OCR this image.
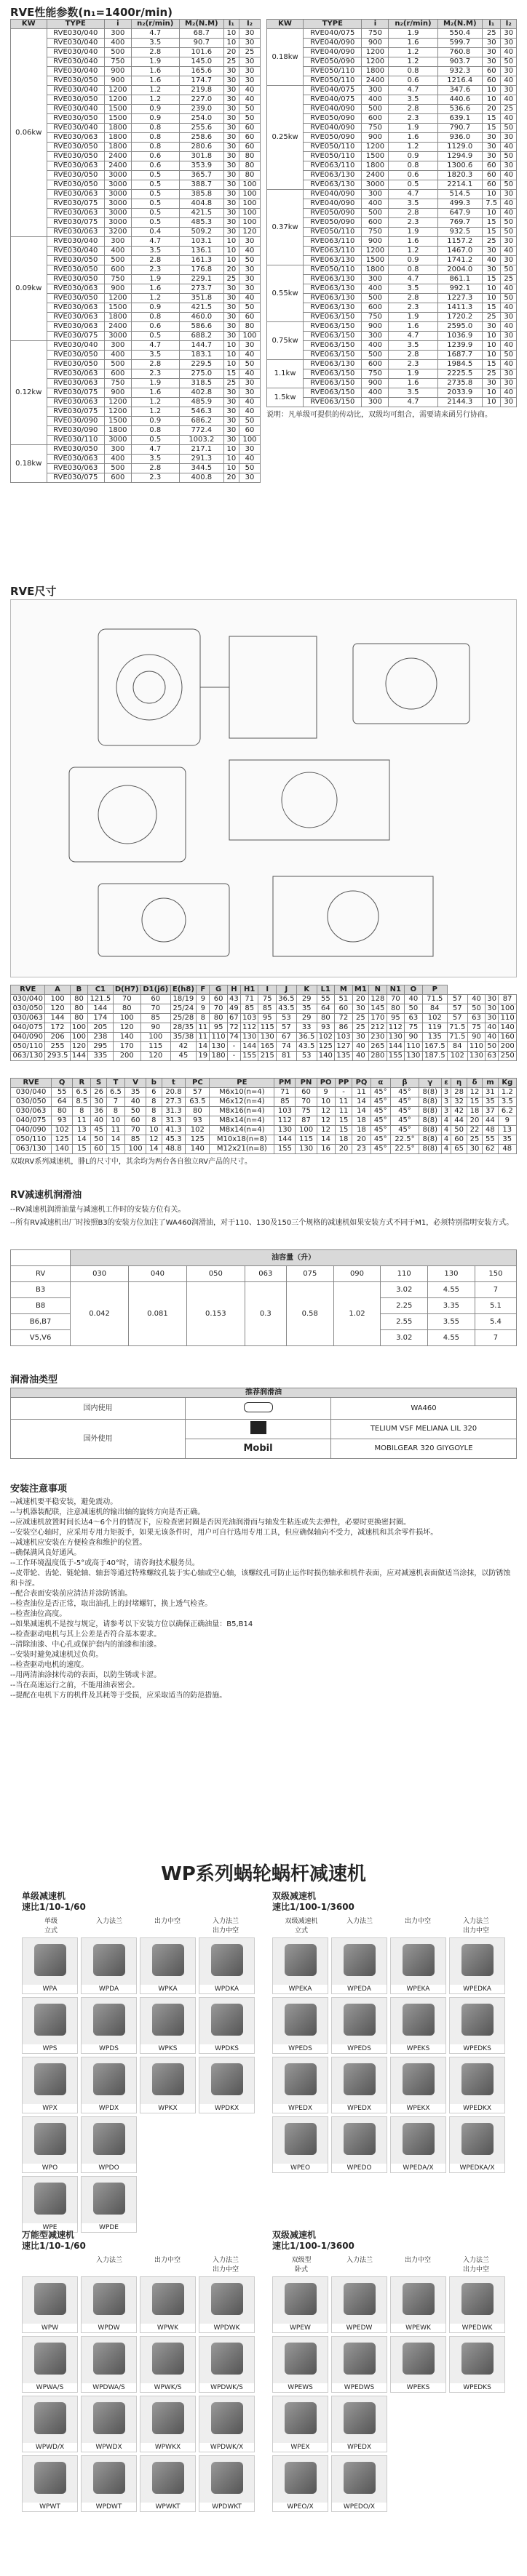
RVE性能参数(n₁=1400r/min)
KW	TYPE	i	n₂(r/min)	M₂(N.M)	I₁	I₂
0.06kw	RVE030/040	300	4.7	68.7	10	30
	RVE030/040	400	3.5	90.7	10	30
	RVE030/040	500	2.8	101.6	20	25
	RVE030/040	750	1.9	145.0	25	30
	RVE030/040	900	1.6	165.6	30	30
	RVE030/050	900	1.6	174.7	30	30
	RVE030/040	1200	1.2	219.8	30	40
	RVE030/050	1200	1.2	227.0	30	40
	RVE030/040	1500	0.9	239.0	30	50
	RVE030/050	1500	0.9	254.0	30	50
	RVE030/040	1800	0.8	255.6	30	60
	RVE030/063	1800	0.8	258.6	30	60
	RVE030/050	1800	0.8	280.6	30	60
	RVE030/050	2400	0.6	301.8	30	80
	RVE030/063	2400	0.6	353.9	30	80
	RVE030/050	3000	0.5	365.7	30	80
	RVE030/050	3000	0.5	388.7	30	100
	RVE030/063	3000	0.5	385.8	30	100
	RVE030/075	3000	0.5	404.8	30	100
	RVE030/063	3000	0.5	421.5	30	100
	RVE030/075	3000	0.5	485.3	30	100
	RVE030/063	3200	0.4	509.2	30	120
0.09kw	RVE030/040	300	4.7	103.1	10	30
	RVE030/040	400	3.5	136.1	10	40
	RVE030/050	500	2.8	161.3	10	50
	RVE030/050	600	2.3	176.8	20	30
	RVE030/050	750	1.9	229.1	25	30
	RVE030/063	900	1.6	273.7	30	30
	RVE030/050	1200	1.2	351.8	30	40
	RVE030/063	1500	0.9	421.5	30	50
	RVE030/063	1800	0.8	460.0	30	60
	RVE030/063	2400	0.6	586.6	30	80
	RVE030/075	3000	0.5	688.2	30	100
0.12kw	RVE030/040	300	4.7	144.7	10	30
	RVE030/050	400	3.5	183.1	10	40
	RVE030/050	500	2.8	229.5	10	50
	RVE030/063	600	2.3	275.0	15	40
	RVE030/063	750	1.9	318.5	25	30
	RVE030/075	900	1.6	402.8	30	30
	RVE030/063	1200	1.2	485.9	30	40
	RVE030/075	1200	1.2	546.3	30	40
	RVE030/090	1500	0.9	686.2	30	50
	RVE030/090	1800	0.8	772.4	30	60
	RVE030/110	3000	0.5	1003.2	30	100
0.18kw	RVE030/050	300	4.7	217.1	10	30
	RVE030/063	400	3.5	291.3	10	40
	RVE030/063	500	2.8	344.5	10	50
	RVE030/075	600	2.3	400.8	20	30
KW	TYPE	i	n₂(r/min)	M₂(N.M)	I₁	I₂
0.18kw	RVE040/075	750	1.9	550.4	25	30
	RVE040/090	900	1.6	599.7	30	30
	RVE040/090	1200	1.2	760.8	30	40
	RVE050/090	1200	1.2	903.7	30	50
	RVE050/110	1800	0.8	932.3	60	30
	RVE050/110	2400	0.6	1216.4	60	40
0.25kw	RVE040/075	300	4.7	347.6	10	30
	RVE040/075	400	3.5	440.6	10	40
	RVE040/090	500	2.8	536.6	20	25
	RVE050/090	600	2.3	639.1	15	40
	RVE040/090	750	1.9	790.7	15	50
	RVE050/090	900	1.6	936.0	30	30
	RVE050/110	1200	1.2	1129.0	30	40
	RVE050/110	1500	0.9	1294.9	30	50
	RVE063/110	1800	0.8	1300.6	60	30
	RVE063/130	2400	0.6	1820.3	60	40
	RVE063/130	3000	0.5	2214.1	60	50
0.37kw	RVE040/090	300	4.7	514.5	10	30
	RVE040/090	400	3.5	499.3	7.5	40
	RVE050/090	500	2.8	647.9	10	40
	RVE050/090	600	2.3	769.7	15	50
	RVE050/110	750	1.9	932.5	15	50
	RVE063/110	900	1.6	1157.2	25	30
	RVE063/110	1200	1.2	1467.0	30	40
	RVE063/130	1500	0.9	1741.2	40	30
0.55kw	RVE050/110	1800	0.8	2004.0	30	50
	RVE063/130	300	4.7	861.1	15	25
	RVE063/130	400	3.5	992.1	10	40
	RVE063/130	500	2.8	1227.3	10	50
	RVE063/130	600	2.3	1411.3	15	40
	RVE063/150	750	1.9	1720.2	25	30
0.75kw	RVE063/150	900	1.6	2595.0	30	40
	RVE063/150	300	4.7	1036.9	10	30
	RVE063/150	400	3.5	1239.9	10	40
	RVE063/150	500	2.8	1687.7	10	50
1.1kw	RVE063/130	600	2.3	1984.5	15	40
	RVE063/150	750	1.9	2225.5	25	30
	RVE063/150	900	1.6	2735.8	30	30
1.5kw	RVE063/150	400	3.5	2033.9	10	40
	RVE063/150	300	4.7	2144.3	10	30
说明：凡单级可提供的传动比，双级均可组合，需要请来函另行协商。
RVE尺寸
RVE	A	B	C1	D(H7)	D1(j6)	E(h8)	F	G	H	H1	I	J	K	L1	M	M1	N	N1	O	P				
030/040	100	80	121.5	70	60	18/19	9	60	43	71	75	36.5	29	55	51	20	128	70	40	71.5	57	40	30	87
030/050	120	80	144	80	70	25/24	9	70	49	85	85	43.5	35	64	60	30	145	80	50	84	57	50	30	100
030/063	144	80	174	100	85	25/28	8	80	67	103	95	53	29	80	72	25	170	95	63	102	57	63	30	110
040/075	172	100	205	120	90	28/35	11	95	72	112	115	57	33	93	86	25	212	112	75	119	71.5	75	40	140
040/090	206	100	238	140	100	35/38	11	110	74	130	130	67	36.5	102	103	30	230	130	90	135	71.5	90	40	160
050/110	255	120	295	170	115	42	14	130	-	144	165	74	43.5	125	127	40	265	144	110	167.5	84	110	50	200
063/130	293.5	144	335	200	120	45	19	180	-	155	215	81	53	140	135	40	280	155	130	187.5	102	130	63	250
RVE	Q	R	S	T	V	b	t	PC	PE	PM	PN	PO	PP	PQ	α	β	γ	ε	η	δ	m	Kg
030/040	55	6.5	26	6.5	35	6	20.8	57	M6x10(n=4)	71	60	9	-	11	45°	45°	8(8)	3	28	12	31	1.2
030/050	64	8.5	30	7	40	8	27.3	63.5	M6x12(n=4)	85	70	10	11	14	45°	45°	8(8)	3	32	15	35	3.5
030/063	80	8	36	8	50	8	31.3	80	M8x16(n=4)	103	75	12	11	14	45°	45°	8(8)	3	42	18	37	6.2
040/075	93	11	40	10	60	8	31.3	93	M8x14(n=4)	112	87	12	15	18	45°	45°	8(8)	4	44	20	44	9
040/090	102	13	45	11	70	10	41.3	102	M8x14(n=4)	130	100	12	15	18	45°	45°	8(8)	4	50	22	48	13
050/110	125	14	50	14	85	12	45.3	125	M10x18(n=8)	144	115	14	18	20	45°	22.5°	8(8)	4	60	25	55	35
063/130	140	15	60	15	100	14	48.8	140	M12x21(n=8)	155	130	16	20	23	45°	22.5°	8(8)	4	65	30	62	48
双取RV系列减速机，腓L的尺寸中，其余均为两台各自独立RV产品的尺寸。
RV减速机润滑油
--RV减速机润滑油量与减速机工作时的安装方位有关。
--所有RV减速机出厂时按照B3的安装方位加注了WA460润滑油，对于110、130及150三个规格的减速机如果安装方式不同于M1，必须特别指明安装方式。
	油容量（升）								
RV	030	040	050	063	075	090	110	130	150
B3	0.042	0.081	0.153	0.3	0.58	1.02	3.02	4.55	7
B8							2.25	3.35	5.1
B6,B7							2.55	3.55	5.4
V5,V6							3.02	4.55	7
润滑油类型
推荐润滑油		
国内使用		WA460
国外使用		TELIUM VSF MELIANA LIL 320
	Mobil	MOBILGEAR 320 GIYGOYLE
安装注意事项
--减速机要平稳安装，避免震动。
--与机器装配联，注意减速机的输出轴的旋转方向是否正确。
--应减速机放置时间长达4～6个月的情况下，应检查密封圈是否因光油润滑而与轴发生粘连或失去弹性，必要时更换密封圈。
--安装空心轴时，应采用专用力矩扳手，如果无该条件时，用户可自行选用专用工具，但应确保轴向不受力，减速机和其余零件损坏。
--减速机应安装在方便检查和维护的位置。
--确保满风良好通风。
--工作环境温度低于-5°或高于40°时，请咨询技术服务员。
--皮带轮、齿轮、链轮轴、轴套等通过特殊螺纹孔装于实心轴或空心轴，该螺纹孔可防止运作时损伤轴承和机件表面，应对减速机表面做适当涂抹，以防锈蚀和卡涩。
--配合表面安装前应清洁并涂防锈油。
--检查油位是否正常，取出油孔上的封堵螺钉，换上透气检查。
--检查油位高度。
--如果减速机不是按与规定，请参考以下安装方位以确保正确油量：B5,B14
--检查驱动电机与其上公差是否符合基本要求。
--清除油漆、中心孔或保护套内的油漆和油漆。
--安装时避免减速机过负荷。
--检查驱动电机的速度。
--用两清油涂抹传动的表面，以防生锈或卡涩。
--当在高速运行之前，不能用油表密会。
--提配在电机下方的机件及其耗等于受损，应采取适当的防范措施。
WP系列蜗轮蜗杆减速机
单级减速机
速比1/10-1/60
单级
立式
入力法兰	出力中空	入力法兰
出力中空
WPA	WPDA	WPKA	WPDKA
WPS	WPDS	WPKS	WPDKS
WPX	WPDX	WPKX	WPDKX
WPO	WPDO
WPE	WPDE
双级减速机
速比1/100-1/3600
双级减速机
立式
入力法兰	出力中空	入力法兰
出力中空
WPEKA	WPEDA	WPEKA	WPEDKA
WPEDS	WPEDS	WPEKS	WPEDKS
WPEDX	WPEDX	WPEKX	WPEDKX
WPEO	WPEDO	WPEDA/X	WPEDKA/X
万能型减速机
速比1/10-1/60
入力法兰	出力中空	入力法兰
出力中空
WPW	WPDW	WPWK	WPDWK
WPWA/S	WPDWA/S	WPWK/S	WPDWK/S
WPWD/X	WPWDX	WPWKX	WPDWK/X
WPWT	WPDWT	WPWKT	WPDWKT
双级减速机
速比1/100-1/3600
双级型
卧式
入力法兰	出力中空	入力法兰
出力中空
WPEW	WPEDW	WPEWK	WPEDWK
WPEWS	WPEDWS	WPEKS	WPEDKS
WPEX	WPEDX
WPEO/X	WPEDO/X
